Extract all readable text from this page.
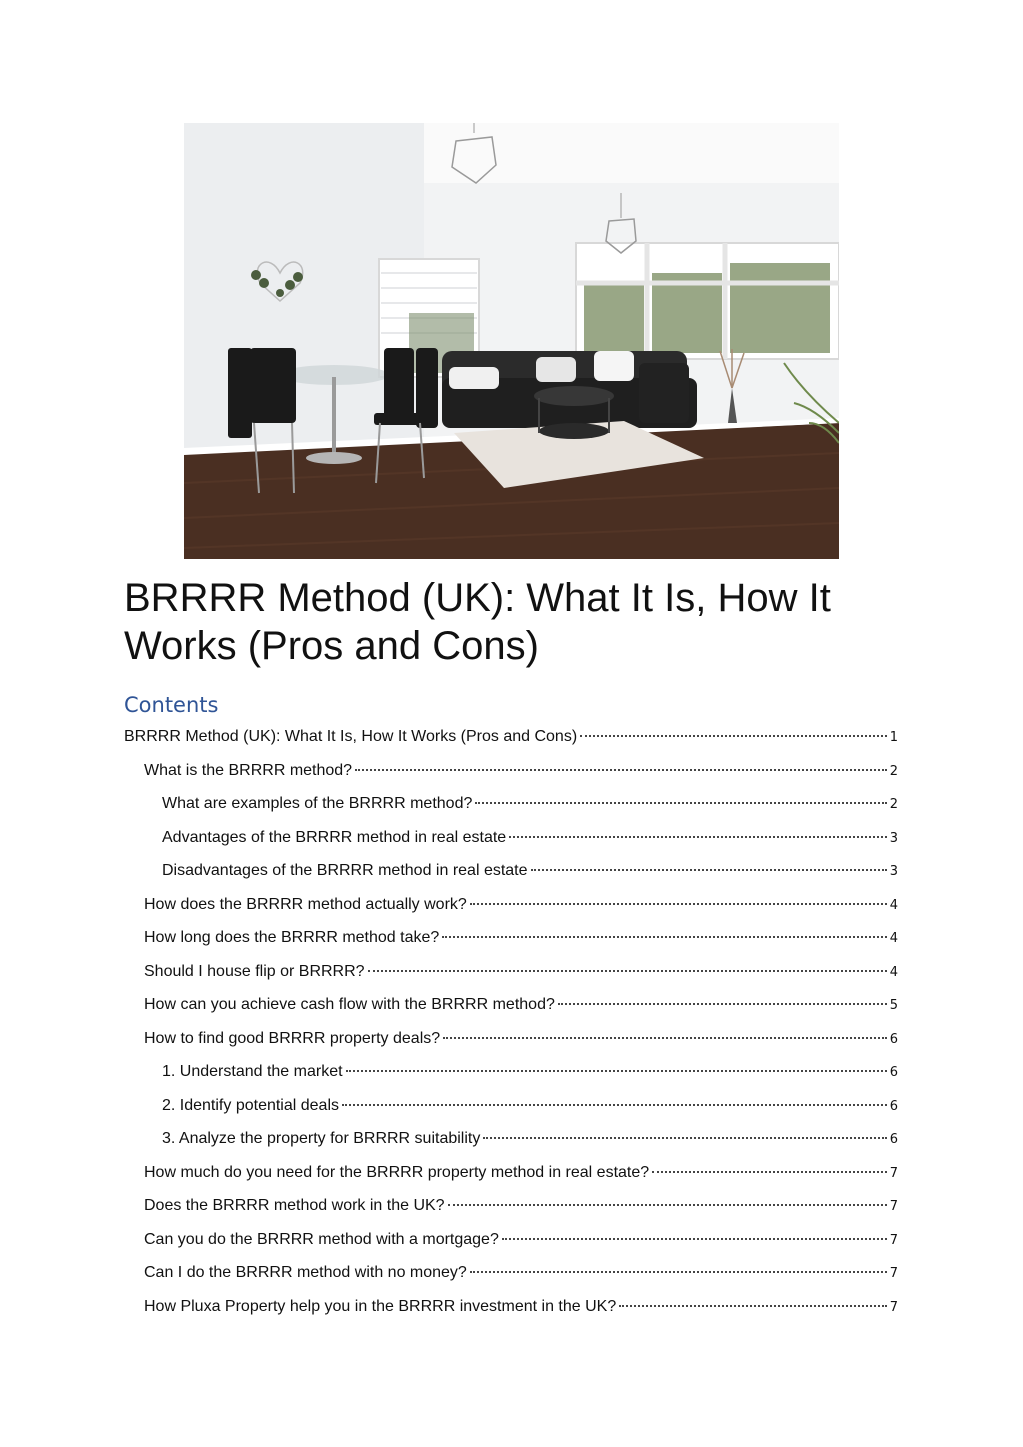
BRRRR Method (UK): What It Is, How It Works (Pros and Cons)
Contents
BRRRR Method (UK): What It Is, How It Works (Pros and Cons)	1
What is the BRRRR method?	2
What are examples of the BRRRR method?	2
Advantages of the BRRRR method in real estate	3
Disadvantages of the BRRRR method in real estate	3
How does the BRRRR method actually work?	4
How long does the BRRRR method take?	4
Should I house flip or BRRRR?	4
How can you achieve cash flow with the BRRRR method?	5
How to find good BRRRR property deals?	6
1. Understand the market	6
2. Identify potential deals	6
3. Analyze the property for BRRRR suitability	6
How much do you need for the BRRRR property method in real estate?	7
Does the BRRRR method work in the UK?	7
Can you do the BRRRR method with a mortgage?	7
Can I do the BRRRR method with no money?	7
How Pluxa Property help you in the BRRRR investment in the UK?	7
